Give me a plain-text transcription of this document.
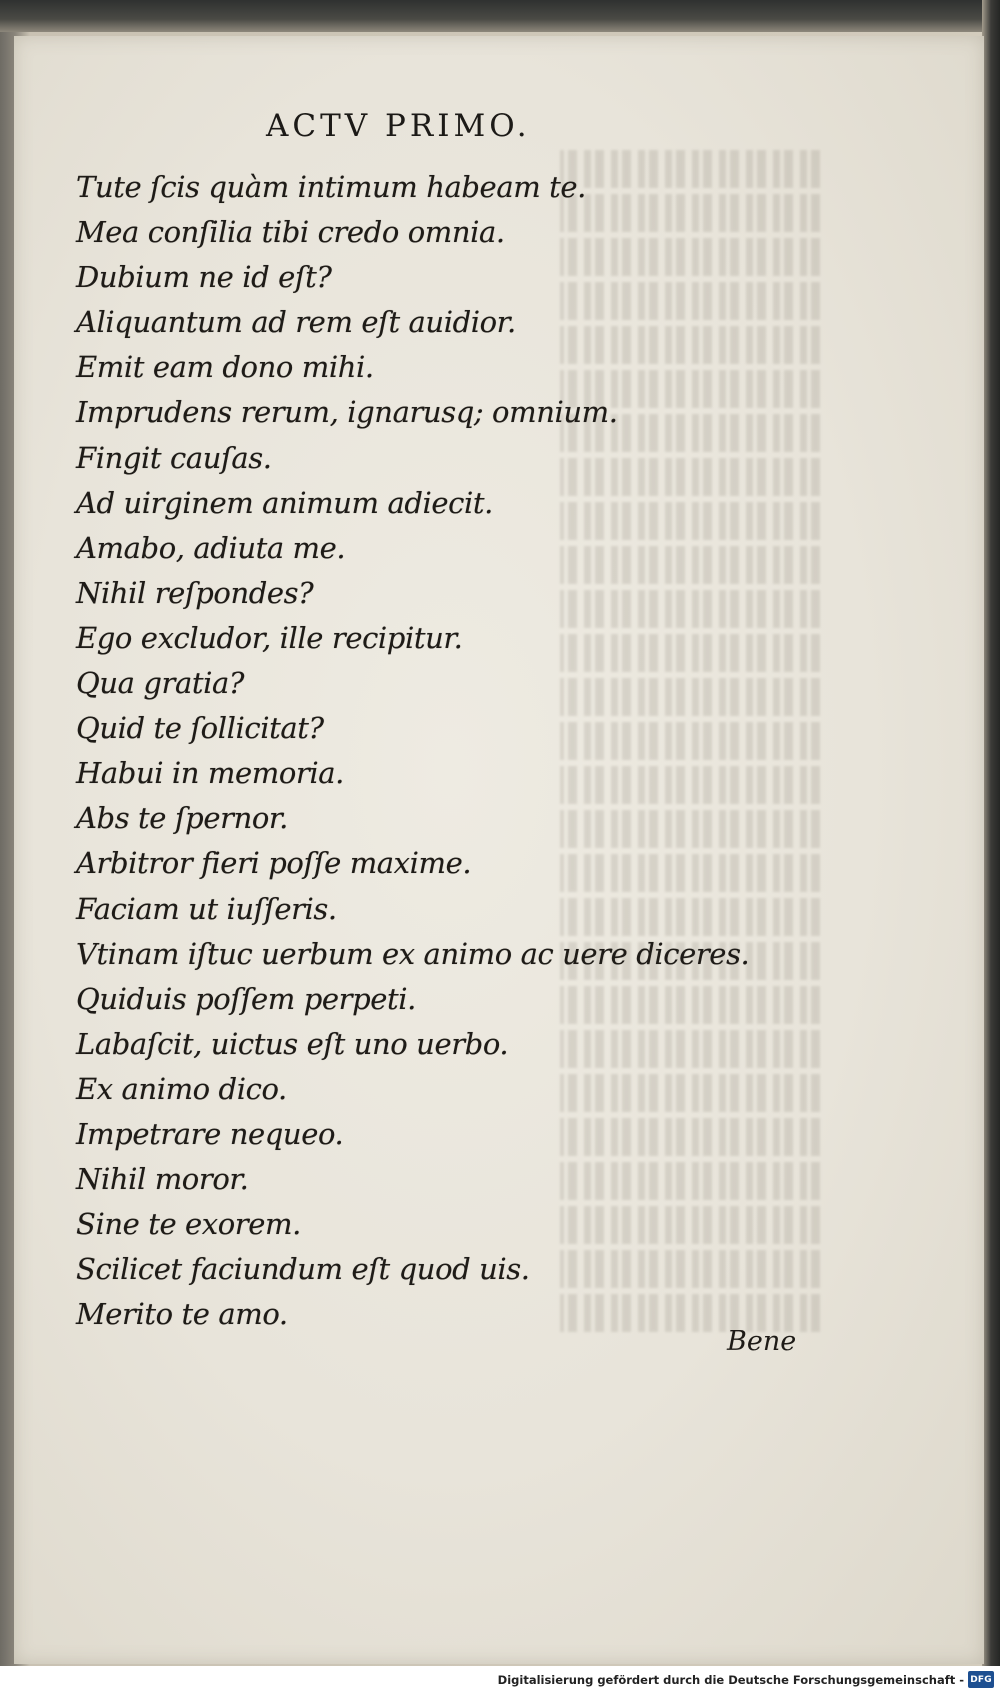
ACTV PRIMO.
Tute ſcis quàm intimum habeam te.
Mea conſilia tibi credo omnia.
Dubium ne id eſt?
Aliquantum ad rem eſt auidior.
Emit eam dono mihi.
Imprudens rerum, ignarusq; omnium.
Fingit cauſas.
Ad uirginem animum adiecit.
Amabo, adiuta me.
Nihil reſpondes?
Ego excludor, ille recipitur.
Qua gratia?
Quid te ſollicitat?
Habui in memoria.
Abs te ſpernor.
Arbitror fieri poſſe maxime.
Faciam ut iuſſeris.
Vtinam iſtuc uerbum ex animo ac uere diceres.
Quiduis poſſem perpeti.
Labaſcit, uictus eſt uno uerbo.
Ex animo dico.
Impetrare nequeo.
Nihil moror.
Sine te exorem.
Scilicet faciundum eſt quod uis.
Merito te amo.
Bene
Digitalisierung gefördert durch die Deutsche Forschungsgemeinschaft - DFG
